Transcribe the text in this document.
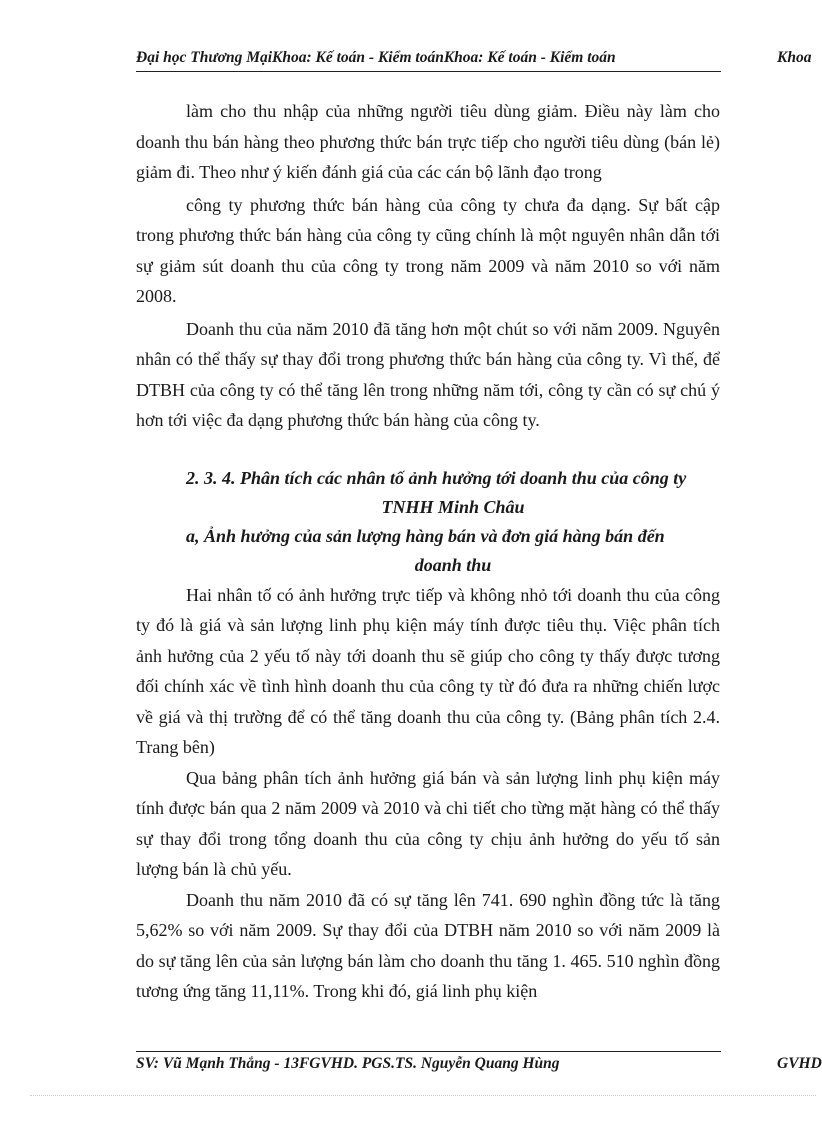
Đại học Thương MạiKhoa: Kế toán - Kiểm toánKhoa: Kế toán - Kiểm toán	Khoa

làm cho thu nhập của những người tiêu dùng giảm. Điều này làm cho doanh thu bán hàng theo phương thức bán trực tiếp cho người tiêu dùng (bán lẻ) giảm đi. Theo như ý kiến đánh giá của các cán bộ lãnh đạo trong

công ty phương thức bán hàng của công ty chưa đa dạng. Sự bất cập trong phương thức bán hàng của công ty cũng chính là một nguyên nhân dẫn tới sự giảm sút doanh thu của công ty trong năm 2009 và năm 2010 so với năm 2008.

Doanh thu của năm 2010 đã tăng hơn một chút so với năm 2009. Nguyên nhân có thể thấy sự thay đổi trong phương thức bán hàng của công ty. Vì thế, để DTBH của công ty có thể tăng lên trong những năm tới, công ty cần có sự chú ý hơn tới việc đa dạng phương thức bán hàng của công ty.

2. 3. 4. Phân tích các nhân tố ảnh hưởng tới doanh thu của công ty
TNHH Minh Châu

a, Ảnh hưởng của sản lượng hàng bán và đơn giá hàng bán đến
doanh thu

Hai nhân tố có ảnh hưởng trực tiếp và không nhỏ tới doanh thu của công ty đó là giá và sản lượng linh phụ kiện máy tính được tiêu thụ. Việc phân tích ảnh hưởng của 2 yếu tố này tới doanh thu sẽ giúp cho công ty thấy được tương đối chính xác về tình hình doanh thu của công ty từ đó đưa ra những chiến lược về giá và thị trường để có thể tăng doanh thu của công ty. (Bảng phân tích 2.4. Trang bên)

Qua bảng phân tích ảnh hưởng giá bán và sản lượng linh phụ kiện máy tính được bán qua 2 năm 2009 và 2010 và chi tiết cho từng mặt hàng có thể thấy sự thay đổi trong tổng doanh thu của công ty chịu ảnh hưởng do yếu tố sản lượng bán là chủ yếu.

Doanh thu năm 2010 đã có sự tăng lên 741. 690 nghìn đồng tức là tăng 5,62% so với năm 2009. Sự thay đổi của DTBH năm 2010 so với năm 2009 là do sự tăng lên của sản lượng bán làm cho doanh thu tăng 1. 465. 510 nghìn đồng tương ứng tăng 11,11%. Trong khi đó, giá linh phụ kiện

SV: Vũ Mạnh Thắng - 13FGVHD. PGS.TS. Nguyễn Quang Hùng	GVHD
